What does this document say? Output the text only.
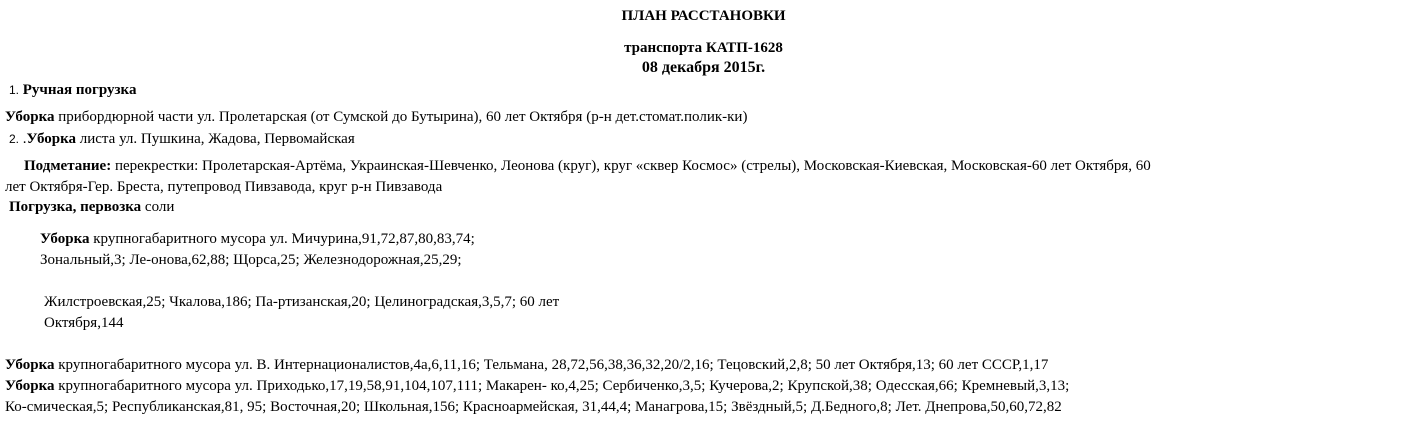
ПЛАН РАССТАНОВКИ
транспорта КАТП-1628
08 декабря 2015г.
1. Ручная погрузка
Уборка прибордюрной части ул. Пролетарская (от Сумской до Бутырина), 60 лет Октября (р-н дет.стомат.полик-ки)
2. .Уборка листа ул. Пушкина, Жадова, Первомайская
Подметание: перекрестки: Пролетарская-Артёма, Украинская-Шевченко, Леонова (круг), круг «сквер Космос» (стрелы), Московская-Киевская, Московская-60 лет Октября, 60
лет Октября-Гер. Бреста, путепровод Пивзавода, круг р-н Пивзавода
Погрузка, первозка соли
Уборка крупногабаритного мусора ул. Мичурина,91,72,87,80,83,74;
Зональный,3; Ле-онова,62,88; Щорса,25; Железнодорожная,25,29;
Жилстроевская,25; Чкалова,186; Па-ртизанская,20; Целиноградская,3,5,7; 60 лет
Октября,144
Уборка крупногабаритного мусора ул. В. Интернационалистов,4а,6,11,16; Тельмана, 28,72,56,38,36,32,20/2,16; Тецовский,2,8; 50 лет Октября,13; 60 лет СССР,1,17
Уборка крупногабаритного мусора ул. Приходько,17,19,58,91,104,107,111; Макарен- ко,4,25; Сербиченко,3,5; Кучерова,2; Крупской,38; Одесская,66; Кремневый,3,13;
Ко-смическая,5; Республиканская,81, 95; Восточная,20; Школьная,156; Красноармейская, 31,44,4; Манагрова,15; Звёздный,5; Д.Бедного,8; Лет. Днепрова,50,60,72,82
